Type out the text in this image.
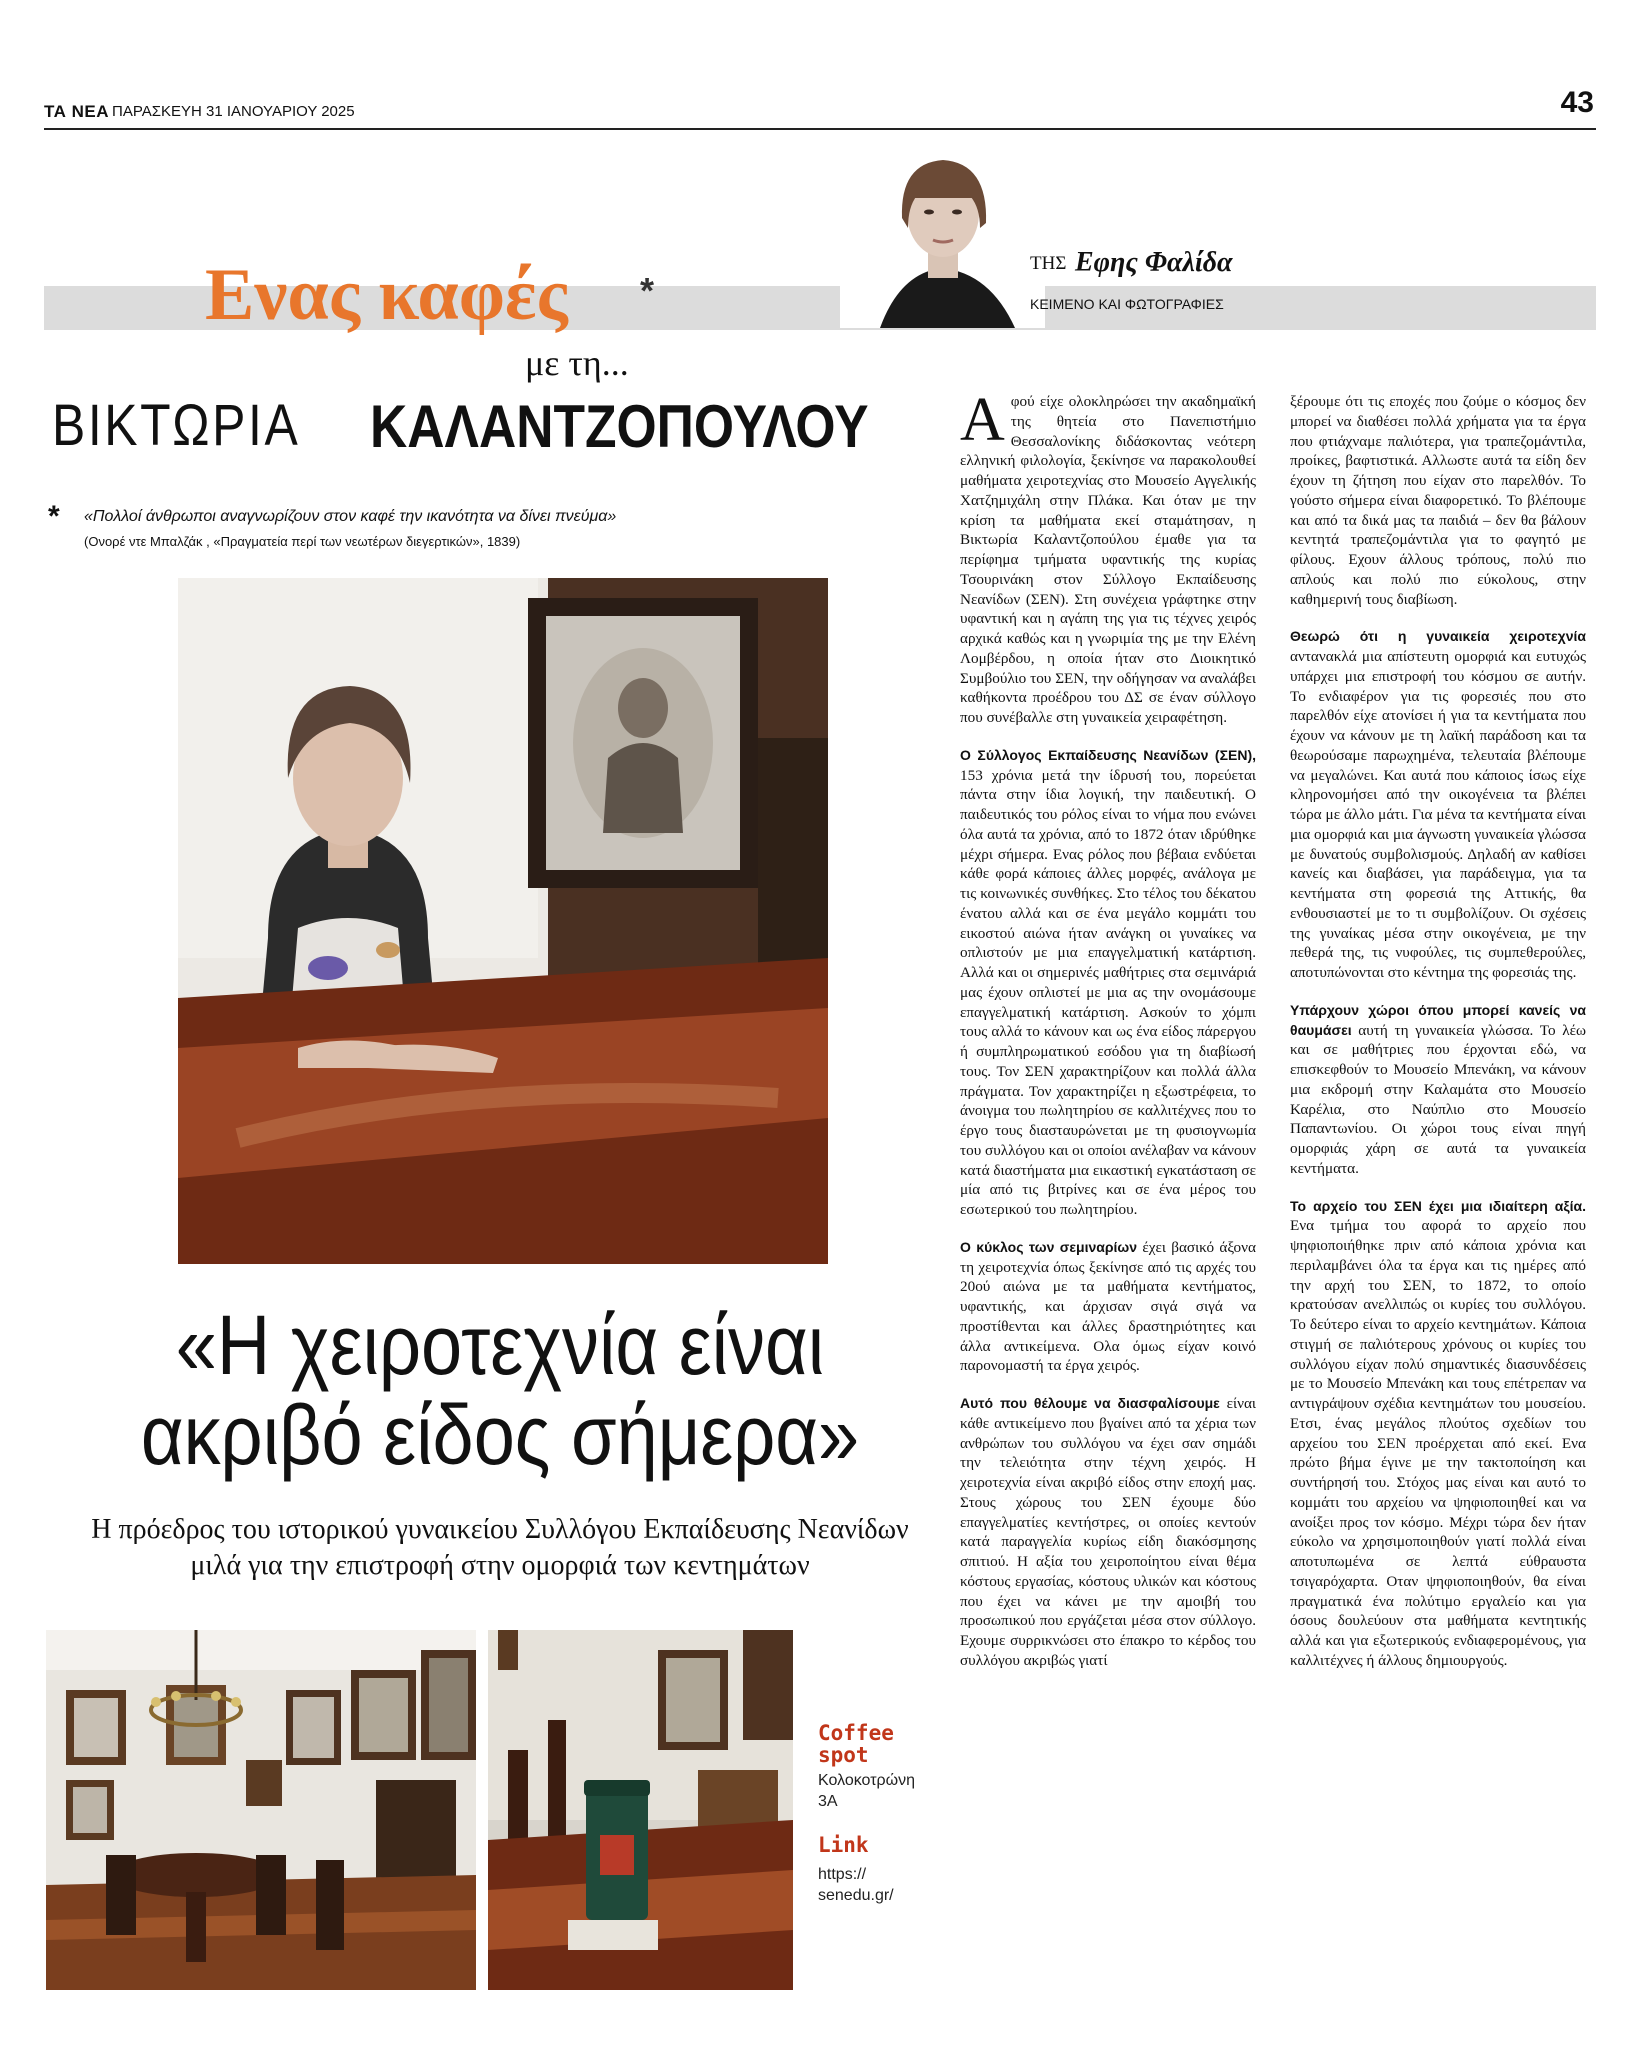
ΤΑ ΝΕΑ ΠΑΡΑΣΚΕΥΗ 31 ΙΑΝΟΥΑΡΙΟΥ 2025	43
ΤΗΣ Εφης Φαλίδα
ΚΕΙΜΕΝΟ ΚΑΙ ΦΩΤΟΓΡΑΦΙΕΣ
Ενας καφές *
με τη...
ΒΙΚΤΩΡΙΑ ΚΑΛΑΝΤΖΟΠΟΥΛΟΥ
* «Πολλοί άνθρωποι αναγνωρίζουν στον καφέ την ικανότητα να δίνει πνεύμα»
(Ονορέ ντε Μπαλζάκ , «Πραγματεία περί των νεωτέρων διεγερτικών», 1839)
«Η χειροτεχνία είναι
ακριβό είδος σήμερα»
Η πρόεδρος του ιστορικού γυναικείου Συλλόγου Εκπαίδευσης Νεανίδων
μιλά για την επιστροφή στην ομορφιά των κεντημάτων
Coffee spot
Κολοκοτρώνη 3Α
Link
https:// senedu.gr/

Αφού είχε ολοκληρώσει την ακαδημαϊκή της θητεία στο Πανεπιστήμιο Θεσσαλονίκης διδάσκοντας νεότερη ελληνική φιλολογία, ξεκίνησε να παρακολουθεί μαθήματα χειροτεχνίας στο Μουσείο Αγγελικής Χατζημιχάλη στην Πλάκα. Και όταν με την κρίση τα μαθήματα εκεί σταμάτησαν, η Βικτωρία Καλαντζοπούλου έμαθε για τα περίφημα τμήματα υφαντικής της κυρίας Τσουρινάκη στον Σύλλογο Εκπαίδευσης Νεανίδων (ΣΕΝ). Στη συνέχεια γράφτηκε στην υφαντική και η αγάπη της για τις τέχνες χειρός αρχικά καθώς και η γνωριμία της με την Ελένη Λομβέρδου, η οποία ήταν στο Διοικητικό Συμβούλιο του ΣΕΝ, την οδήγησαν να αναλάβει καθήκοντα προέδρου του ΔΣ σε έναν σύλλογο που συνέβαλλε στη γυναικεία χειραφέτηση.

Ο Σύλλογος Εκπαίδευσης Νεανίδων (ΣΕΝ), 153 χρόνια μετά την ίδρυσή του, πορεύεται πάντα στην ίδια λογική, την παιδευτική. Ο παιδευτικός του ρόλος είναι το νήμα που ενώνει όλα αυτά τα χρόνια, από το 1872 όταν ιδρύθηκε μέχρι σήμερα. Ενας ρόλος που βέβαια ενδύεται κάθε φορά κάποιες άλλες μορφές, ανάλογα με τις κοινωνικές συνθήκες. Στο τέλος του δέκατου ένατου αλλά και σε ένα μεγάλο κομμάτι του εικοστού αιώνα ήταν ανάγκη οι γυναίκες να οπλιστούν με μια επαγγελματική κατάρτιση. Αλλά και οι σημερινές μαθήτριες στα σεμινάριά μας έχουν οπλιστεί με μια ας την ονομάσουμε επαγγελματική κατάρτιση. Ασκούν το χόμπι τους αλλά το κάνουν και ως ένα είδος πάρεργου ή συμπληρωματικού εσόδου για τη διαβίωσή τους. Τον ΣΕΝ χαρακτηρίζουν και πολλά άλλα πράγματα. Τον χαρακτηρίζει η εξωστρέφεια, το άνοιγμα του πωλητηρίου σε καλλιτέχνες που το έργο τους διασταυρώνεται με τη φυσιογνωμία του συλλόγου και οι οποίοι ανέλαβαν να κάνουν κατά διαστήματα μια εικαστική εγκατάσταση σε μία από τις βιτρίνες και σε ένα μέρος του εσωτερικού του πωλητηρίου.

Ο κύκλος των σεμιναρίων έχει βασικό άξονα τη χειροτεχνία όπως ξεκίνησε από τις αρχές του 20ού αιώνα με τα μαθήματα κεντήματος, υφαντικής, και άρχισαν σιγά σιγά να προστίθενται και άλλες δραστηριότητες και άλλα αντικείμενα. Ολα όμως είχαν κοινό παρονομαστή τα έργα χειρός.

Αυτό που θέλουμε να διασφαλίσουμε είναι κάθε αντικείμενο που βγαίνει από τα χέρια των ανθρώπων του συλλόγου να έχει σαν σημάδι την τελειότητα στην τέχνη χειρός. Η χειροτεχνία είναι ακριβό είδος στην εποχή μας. Στους χώρους του ΣΕΝ έχουμε δύο επαγγελματίες κεντήστρες, οι οποίες κεντούν κατά παραγγελία κυρίως είδη διακόσμησης σπιτιού. Η αξία του χειροποίητου είναι θέμα κόστους εργασίας, κόστους υλικών και κόστους που έχει να κάνει με την αμοιβή του προσωπικού που εργάζεται μέσα στον σύλλογο. Εχουμε συρρικνώσει στο έπακρο το κέρδος του συλλόγου ακριβώς γιατί

ξέρουμε ότι τις εποχές που ζούμε ο κόσμος δεν μπορεί να διαθέσει πολλά χρήματα για τα έργα που φτιάχναμε παλιότερα, για τραπεζομάντιλα, προίκες, βαφτιστικά. Αλλωστε αυτά τα είδη δεν έχουν τη ζήτηση που είχαν στο παρελθόν. Το γούστο σήμερα είναι διαφορετικό. Το βλέπουμε και από τα δικά μας τα παιδιά – δεν θα βάλουν κεντητά τραπεζομάντιλα για το φαγητό με φίλους. Εχουν άλλους τρόπους, πολύ πιο απλούς και πολύ πιο εύκολους, στην καθημερινή τους διαβίωση.

Θεωρώ ότι η γυναικεία χειροτεχνία αντανακλά μια απίστευτη ομορφιά και ευτυχώς υπάρχει μια επιστροφή του κόσμου σε αυτήν. Το ενδιαφέρον για τις φορεσιές που στο παρελθόν είχε ατονίσει ή για τα κεντήματα που έχουν να κάνουν με τη λαϊκή παράδοση και τα θεωρούσαμε παρωχημένα, τελευταία βλέπουμε να μεγαλώνει. Και αυτά που κάποιος ίσως είχε κληρονομήσει από την οικογένεια τα βλέπει τώρα με άλλο μάτι. Για μένα τα κεντήματα είναι μια ομορφιά και μια άγνωστη γυναικεία γλώσσα με δυνατούς συμβολισμούς. Δηλαδή αν καθίσει κανείς και διαβάσει, για παράδειγμα, για τα κεντήματα στη φορεσιά της Αττικής, θα ενθουσιαστεί με το τι συμβολίζουν. Οι σχέσεις της γυναίκας μέσα στην οικογένεια, με την πεθερά της, τις νυφούλες, τις συμπεθερούλες, αποτυπώνονται στο κέντημα της φορεσιάς της.

Υπάρχουν χώροι όπου μπορεί κανείς να θαυμάσει αυτή τη γυναικεία γλώσσα. Το λέω και σε μαθήτριες που έρχονται εδώ, να επισκεφθούν το Μουσείο Μπενάκη, να κάνουν μια εκδρομή στην Καλαμάτα στο Μουσείο Καρέλια, στο Ναύπλιο στο Μουσείο Παπαντωνίου. Οι χώροι τους είναι πηγή ομορφιάς χάρη σε αυτά τα γυναικεία κεντήματα.

Το αρχείο του ΣΕΝ έχει μια ιδιαίτερη αξία. Ενα τμήμα του αφορά το αρχείο που ψηφιοποιήθηκε πριν από κάποια χρόνια και περιλαμβάνει όλα τα έργα και τις ημέρες από την αρχή του ΣΕΝ, το 1872, το οποίο κρατούσαν ανελλιπώς οι κυρίες του συλλόγου. Το δεύτερο είναι το αρχείο κεντημάτων. Κάποια στιγμή σε παλιότερους χρόνους οι κυρίες του συλλόγου είχαν πολύ σημαντικές διασυνδέσεις με το Μουσείο Μπενάκη και τους επέτρεπαν να αντιγράψουν σχέδια κεντημάτων του μουσείου. Ετσι, ένας μεγάλος πλούτος σχεδίων του αρχείου του ΣΕΝ προέρχεται από εκεί. Ενα πρώτο βήμα έγινε με την τακτοποίηση και συντήρησή του. Στόχος μας είναι και αυτό το κομμάτι του αρχείου να ψηφιοποιηθεί και να ανοίξει προς τον κόσμο. Μέχρι τώρα δεν ήταν εύκολο να χρησιμοποιηθούν γιατί πολλά είναι αποτυπωμένα σε λεπτά εύθραυστα τσιγαρόχαρτα. Οταν ψηφιοποιηθούν, θα είναι πραγματικά ένα πολύτιμο εργαλείο και για όσους δουλεύουν στα μαθήματα κεντητικής αλλά και για εξωτερικούς ενδιαφερομένους, για καλλιτέχνες ή άλλους δημιουργούς.
